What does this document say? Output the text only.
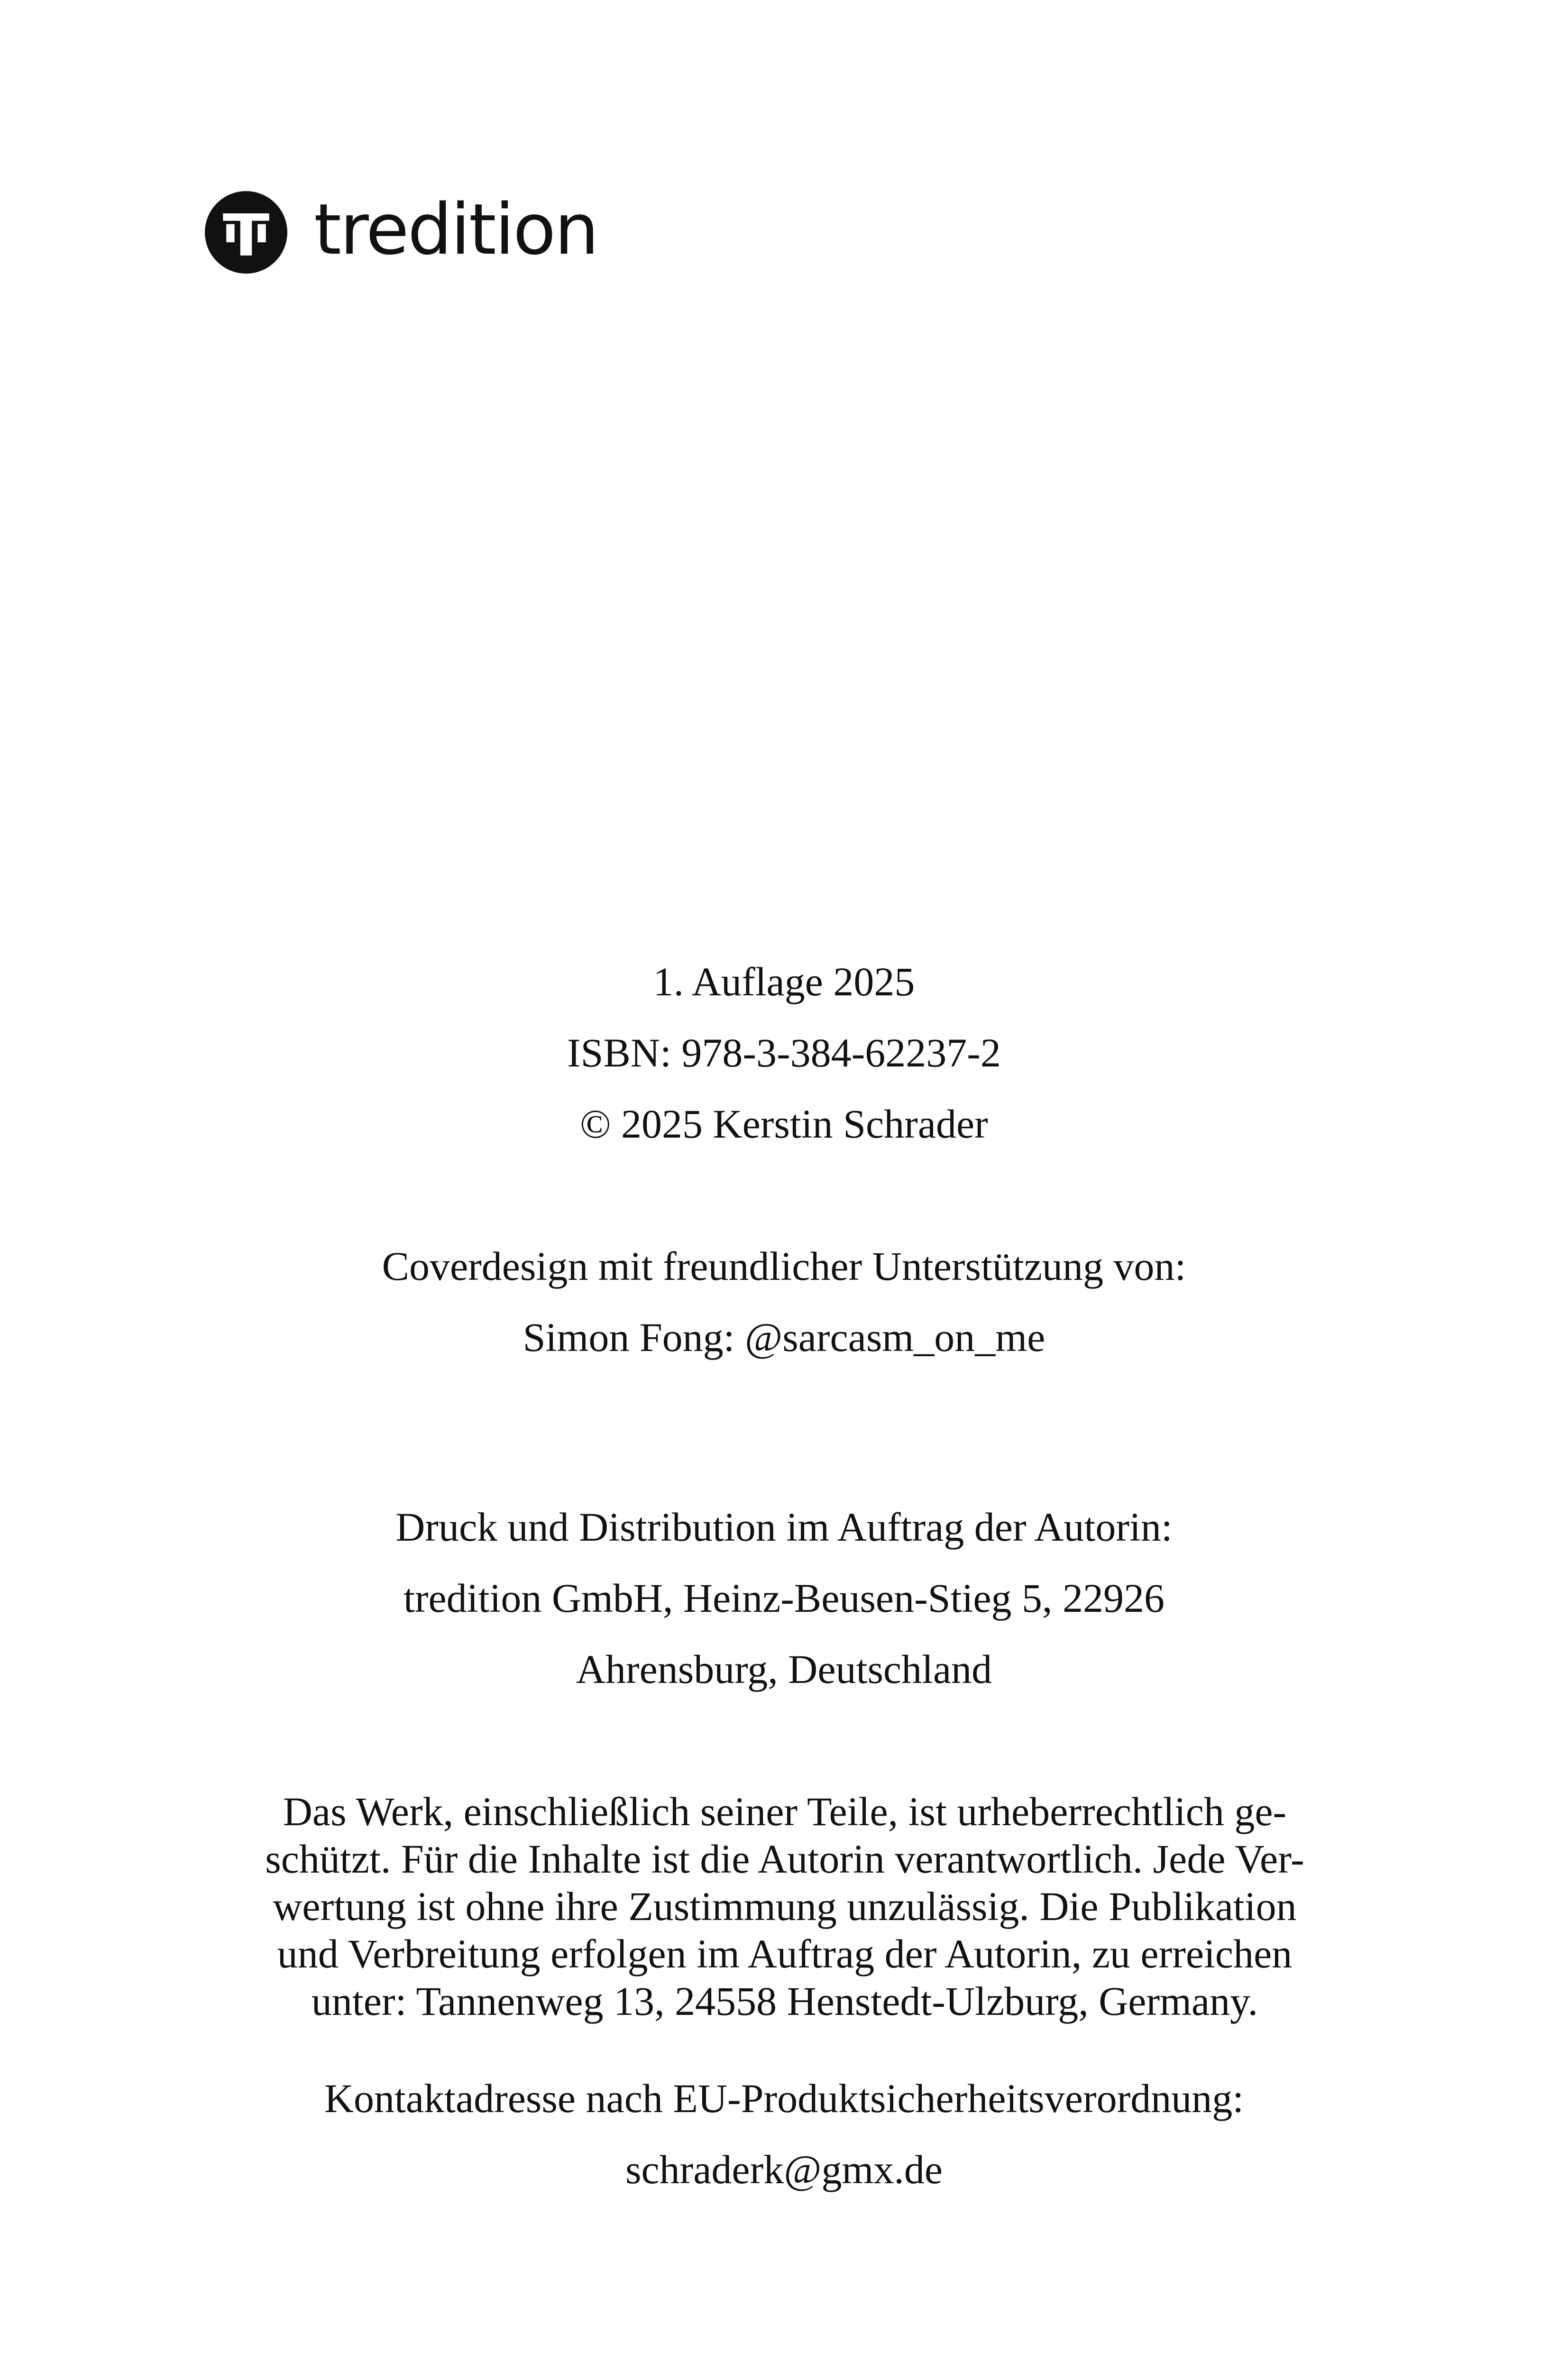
tredition
1. Auflage 2025
ISBN: 978-3-384-62237-2
© 2025 Kerstin Schrader
Coverdesign mit freundlicher Unterstützung von:
Simon Fong: @sarcasm_on_me
Druck und Distribution im Auftrag der Autorin:
tredition GmbH, Heinz-Beusen-Stieg 5, 22926
Ahrensburg, Deutschland
Das Werk, einschließlich seiner Teile, ist urheberrechtlich ge-
schützt. Für die Inhalte ist die Autorin verantwortlich. Jede Ver-
wertung ist ohne ihre Zustimmung unzulässig. Die Publikation
und Verbreitung erfolgen im Auftrag der Autorin, zu erreichen
unter: Tannenweg 13, 24558 Henstedt-Ulzburg, Germany.
Kontaktadresse nach EU-Produktsicherheitsverordnung:
schraderk@gmx.de
